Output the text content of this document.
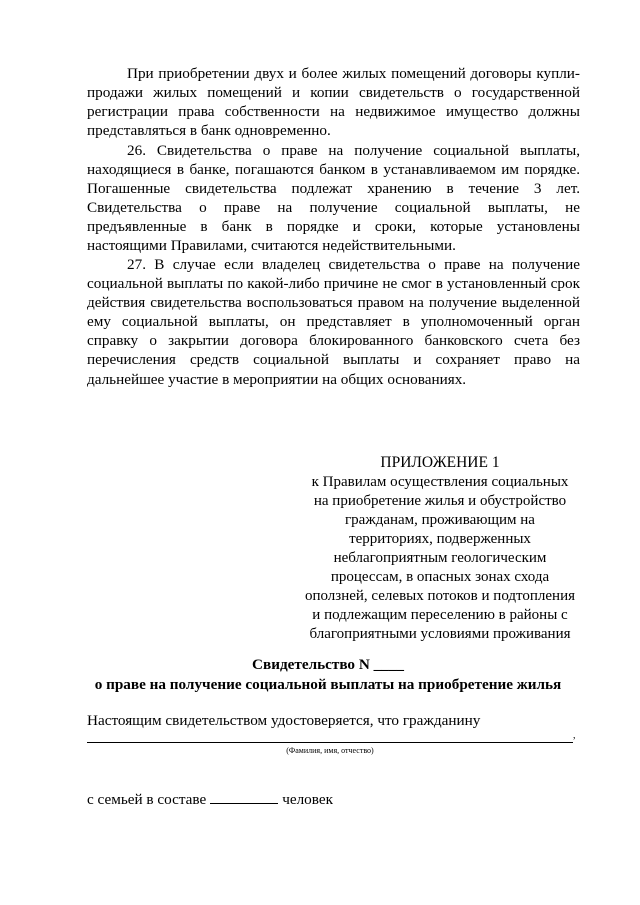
При приобретении двух и более жилых помещений договоры купли-продажи жилых помещений и копии свидетельств о государственной регистрации права собственности на недвижимое имущество должны представляться в банк одновременно.

26. Свидетельства о праве на получение социальной выплаты, находящиеся в банке, погашаются банком в устанавливаемом им порядке. Погашенные свидетельства подлежат хранению в течение 3 лет. Свидетельства о праве на получение социальной выплаты, не предъявленные в банк в порядке и сроки, которые установлены настоящими Правилами, считаются недействительными.

27. В случае если владелец свидетельства о праве на получение социальной выплаты по какой-либо причине не смог в установленный срок действия свидетельства воспользоваться правом на получение выделенной ему социальной выплаты, он представляет в уполномоченный орган справку о закрытии договора блокированного банковского счета без перечисления средств социальной выплаты и сохраняет право на дальнейшее участие в мероприятии на общих основаниях.

ПРИЛОЖЕНИЕ 1
к Правилам осуществления социальных
на приобретение жилья и обустройство
гражданам, проживающим на
территориях, подверженных
неблагоприятным геологическим
процессам, в опасных зонах схода
оползней, селевых потоков и подтопления
и подлежащим переселению в районы с
благоприятными условиями проживания
Свидетельство N ____
о праве на получение социальной выплаты на приобретение жилья
Настоящим свидетельством удостоверяется, что гражданину
,
(Фамилия, имя, отчество)
с семьей в составе	человек
